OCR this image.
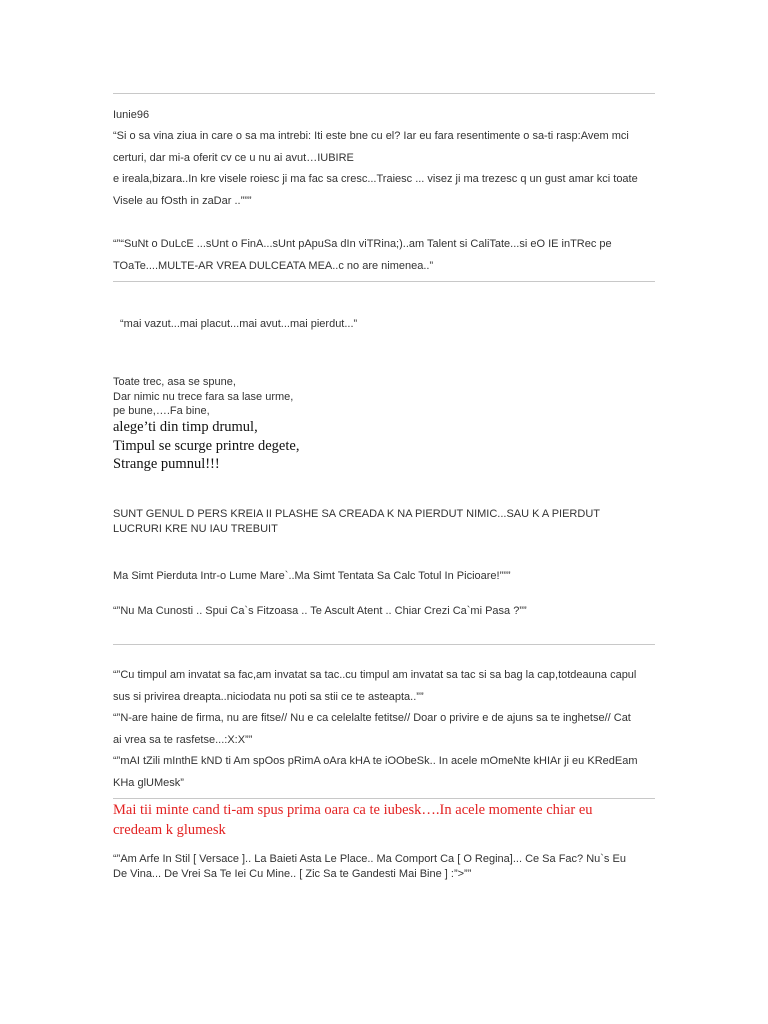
Iunie96

“Si o sa vina ziua in care o sa ma intrebi: Iti este bne cu el? Iar eu fara resentimente o sa-ti rasp:Avem mci
certuri, dar mi-a oferit cv ce u nu ai avut…IUBIRE
e ireala,bizara..In kre visele roiesc ji ma fac sa cresc...Traiesc ... visez ji ma trezesc q un gust amar kci toate
Visele au fOsth in zaDar ..”””

“”“SuNt o DuLcE ...sUnt o FinA...sUnt pApuSa dIn viTRina;)..am Talent si CaliTate...si eO IE inTRec pe
TOaTe....MULTE-AR VREA DULCEATA MEA..c no are nimenea..”

“mai vazut...mai placut...mai avut...mai pierdut...”

Toate trec, asa se spune,
Dar nimic nu trece fara sa lase urme,
pe bune,….Fa bine,

alege’ti din timp drumul,
Timpul se scurge printre degete,
Strange pumnul!!!

SUNT GENUL D PERS KREIA II PLASHE SA CREADA K NA PIERDUT NIMIC...SAU K A PIERDUT
LUCRURI KRE NU IAU TREBUIT

Ma Simt Pierduta Intr-o Lume Mare`..Ma Simt Tentata Sa Calc Totul In Picioare!”””

“”Nu Ma Cunosti .. Spui Ca`s Fitzoasa .. Te Ascult Atent .. Chiar Crezi Ca`mi Pasa ?””

“”Cu timpul am invatat sa fac,am invatat sa tac..cu timpul am invatat sa tac si sa bag la cap,totdeauna capul
sus si privirea dreapta..niciodata nu poti sa stii ce te asteapta..””
“”N-are haine de firma, nu are fitse// Nu e ca celelalte fetitse// Doar o privire e de ajuns sa te inghetse// Cat
ai vrea sa te rasfetse...:X:X””
“”mAI tZili mInthE kND ti Am spOos pRimA oAra kHA te iOObeSk.. In acele mOmeNte kHIAr ji eu KRedEam
KHa glUMesk”

Mai tii minte cand ti-am spus prima oara ca te iubesk….In acele momente chiar eu
credeam k glumesk

“”Am Arfe In Stil [ Versace ].. La Baieti Asta Le Place.. Ma Comport Ca [ O Regina]... Ce Sa Fac? Nu`s Eu
De Vina... De Vrei Sa Te Iei Cu Mine.. [ Zic Sa te Gandesti Mai Bine ] :”>””
